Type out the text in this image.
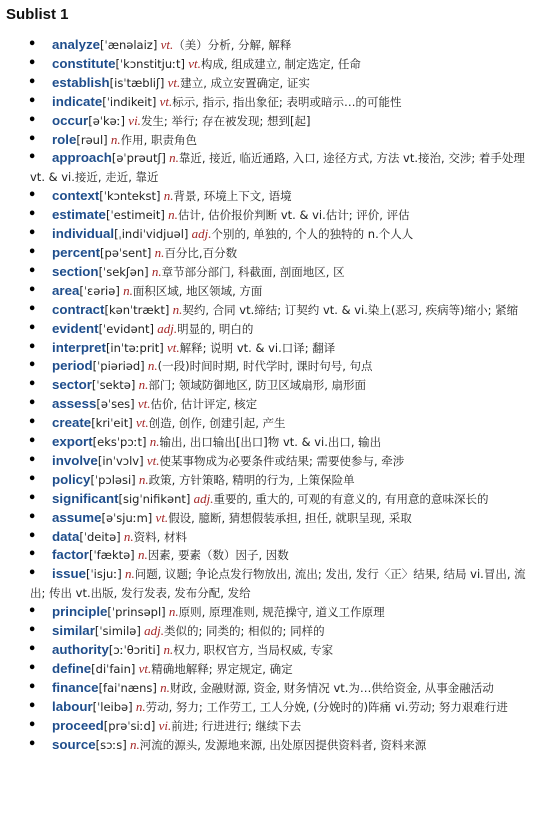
Sublist 1
• analyze[ˈænəlaiz] vt.（美）分析, 分解, 解释
• constitute[ˈkɔnstitjuːt] vt.构成, 组成建立, 制定选定, 任命
• establish[isˈtæbliʃ] vt.建立, 成立安置确定, 证实
• indicate[ˈindikeit] vt.标示, 指示, 指出象征; 表明或暗示…的可能性
• occur[əˈkəː] vi.发生; 举行; 存在被发现; 想到[起]
• role[rəul] n.作用, 职责角色
• approach[əˈprəutʃ] n.靠近, 接近, 临近通路, 入口, 途径方式, 方法 vt.接治, 交涉; 着手处理 vt. & vi.接近, 走近, 靠近
• context[ˈkɔntekst] n.背景, 环境上下文, 语境
• estimate[ˈestimeit] n.估计, 估价报价判断 vt. & vi.估计; 评价, 评估
• individual[ˌindiˈvidjuəl] adj.个别的, 单独的, 个人的独特的 n.个人人
• percent[pəˈsent] n.百分比,百分数
• section[ˈsekʃən] n.章节部分部门, 科截面, 剖面地区, 区
• area[ˈɛəriə] n.面积区域, 地区领域, 方面
• contract[kənˈtrækt] n.契约, 合同 vt.缔结; 订契约 vt. & vi.染上(恶习, 疾病等)缩小; 紧缩
• evident[ˈevidənt] adj.明显的, 明白的
• interpret[inˈtəːprit] vt.解释; 说明 vt. & vi.口译; 翻译
• period[ˈpiəriəd] n.(一段)时间时期, 时代学时, 课时句号, 句点
• sector[ˈsektə] n.部门; 领域防御地区, 防卫区域扇形, 扇形面
• assess[əˈses] vt.估价, 估计评定, 核定
• create[kriˈeit] vt.创造, 创作, 创建引起, 产生
• export[eksˈpɔːt] n.输出, 出口输出[出口]物 vt. & vi.出口, 输出
• involve[inˈvɔlv] vt.使某事物成为必要条件或结果; 需要使参与, 牵涉
• policy[ˈpɔləsi] n.政策, 方针策略, 精明的行为, 上策保险单
• significant[sigˈnifikənt] adj.重要的, 重大的, 可观的有意义的, 有用意的意味深长的
• assume[əˈsjuːm] vt.假设, 臆断, 猜想假装承担, 担任, 就职呈现, 采取
• data[ˈdeitə] n.资料, 材料
• factor[ˈfæktə] n.因素, 要素（数）因子, 因数
• issue[ˈisjuː] n.问题, 议题; 争论点发行物放出, 流出; 发出, 发行〈正〉结果, 结局 vi.冒出, 流出; 传出 vt.出版, 发行发表, 发布分配, 发给
• principle[ˈprinsəpl] n.原则, 原理准则, 规范操守, 道义工作原理
• similar[ˈsimilə] adj.类似的; 同类的; 相似的; 同样的
• authority[ɔːˈθɔriti] n.权力, 职权官方, 当局权威, 专家
• define[diˈfain] vt.精确地解释; 界定规定, 确定
• finance[faiˈnæns] n.财政, 金融财源, 资金, 财务情况 vt.为…供给资金, 从事金融活动
• labour[ˈleibə] n.劳动, 努力; 工作劳工, 工人分娩, (分娩时的)阵痛 vi.劳动; 努力艰难行进
• proceed[prəˈsiːd] vi.前进; 行进进行; 继续下去
• source[sɔːs] n.河流的源头, 发源地来源, 出处原因提供资料者, 资料来源
